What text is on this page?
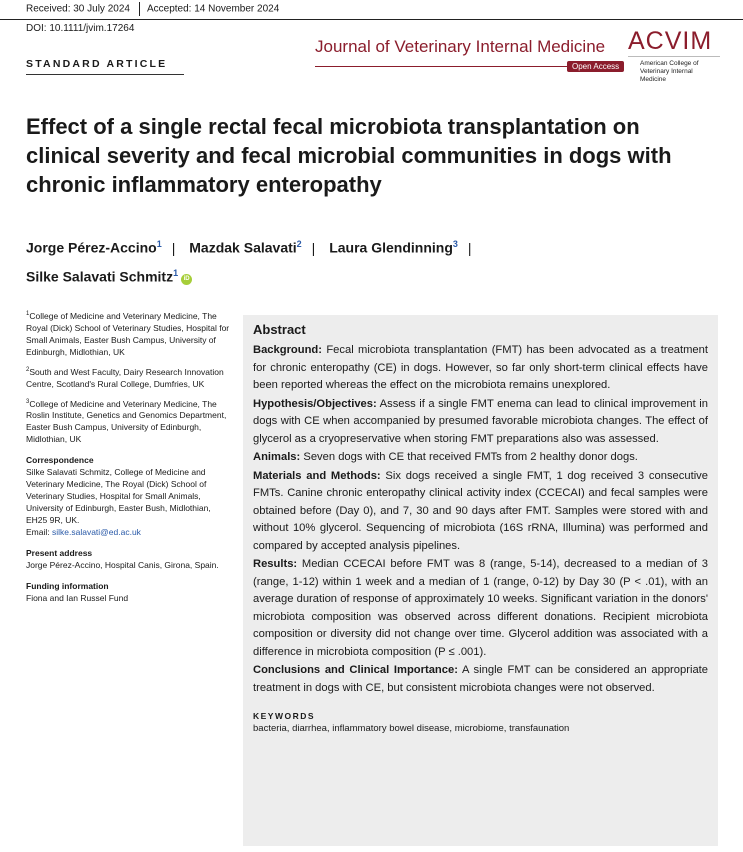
Received: 30 July 2024 Accepted: 14 November 2024
DOI: 10.1111/jvim.17264
STANDARD ARTICLE
Journal of Veterinary Internal Medicine
Open Access
ACVIM
American College of Veterinary Internal Medicine
Effect of a single rectal fecal microbiota transplantation on clinical severity and fecal microbial communities in dogs with chronic inflammatory enteropathy
Jorge Pérez-Accino$^1$ | Mazdak Salavati$^2$ | Laura Glendinning$^3$ |
Silke Salavati Schmitz$^1$iD
$^1$College of Medicine and Veterinary Medicine, The Royal (Dick) School of Veterinary Studies, Hospital for Small Animals, Easter Bush Campus, University of Edinburgh, Midlothian, UK
$^2$South and West Faculty, Dairy Research Innovation Centre, Scotland's Rural College, Dumfries, UK
$^3$College of Medicine and Veterinary Medicine, The Roslin Institute, Genetics and Genomics Department, Easter Bush Campus, University of Edinburgh, Midlothian, UK
Correspondence
Silke Salavati Schmitz, College of Medicine and Veterinary Medicine, The Royal (Dick) School of Veterinary Studies, Hospital for Small Animals, University of Edinburgh, Easter Bush, Midlothian, EH25 9R, UK.
Email: silke.salavati@ed.ac.uk
Present address
Jorge Pérez-Accino, Hospital Canis, Girona, Spain.
Funding information
Fiona and Ian Russel Fund
Abstract

Background: Fecal microbiota transplantation (FMT) has been advocated as a treatment for chronic enteropathy (CE) in dogs. However, so far only short-term clinical effects have been reported whereas the effect on the microbiota remains unexplored.

Hypothesis/Objectives: Assess if a single FMT enema can lead to clinical improvement in dogs with CE when accompanied by presumed favorable microbiota changes. The effect of glycerol as a cryopreservative when storing FMT preparations also was assessed.

Animals: Seven dogs with CE that received FMTs from 2 healthy donor dogs.

Materials and Methods: Six dogs received a single FMT, 1 dog received 3 consecutive FMTs. Canine chronic enteropathy clinical activity index (CCECAI) and fecal samples were obtained before (Day 0), and 7, 30 and 90 days after FMT. Samples were stored with and without 10% glycerol. Sequencing of microbiota (16S rRNA, Illumina) was performed and compared by accepted analysis pipelines.

Results: Median CCECAI before FMT was 8 (range, 5-14), decreased to a median of 3 (range, 1-12) within 1 week and a median of 1 (range, 0-12) by Day 30 (P < .01), with an average duration of response of approximately 10 weeks. Significant variation in the donors' microbiota composition was observed across different donations. Recipient microbiota composition or diversity did not change over time. Glycerol addition was associated with a difference in microbiota composition (P ≤ .001).

Conclusions and Clinical Importance: A single FMT can be considered an appropriate treatment in dogs with CE, but consistent microbiota changes were not observed.

KEYWORDS
bacteria, diarrhea, inflammatory bowel disease, microbiome, transfaunation
